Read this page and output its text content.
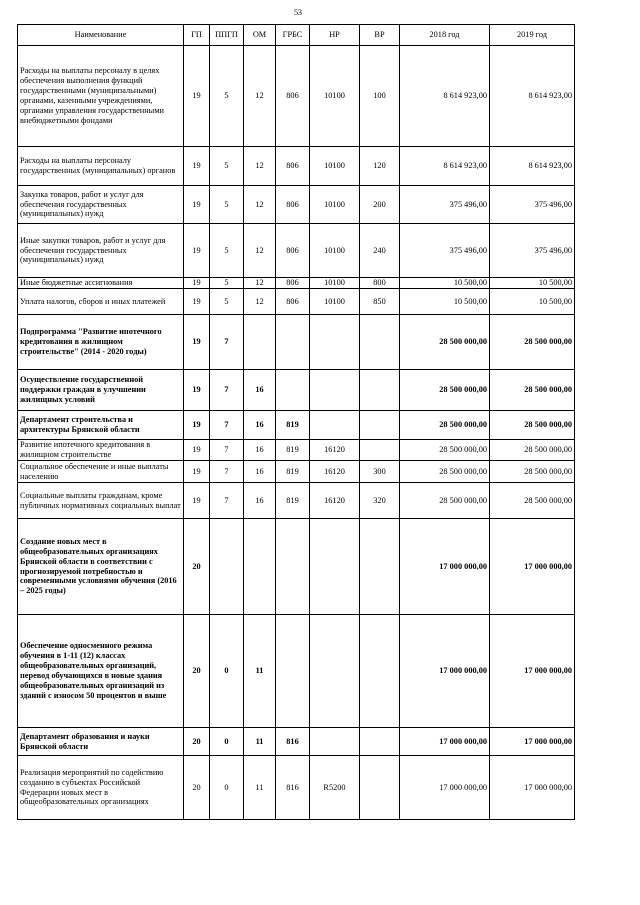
53
Наименование	ГП	ППГП	ОМ	ГРБС	НР	ВР	2018 год	2019 год
Расходы на выплаты персоналу в целях обеспечения выполнения функций государственными (муниципальными) органами, казенными учреждениями, органами управления государственными внебюджетными фондами	19	5	12	806	10100	100	8 614 923,00	8 614 923,00
Расходы на выплаты персоналу государственных (муниципальных) органов	19	5	12	806	10100	120	8 614 923,00	8 614 923,00
Закупка товаров, работ и услуг для обеспечения государственных (муниципальных) нужд	19	5	12	806	10100	200	375 496,00	375 496,00
Иные закупки товаров, работ и услуг для обеспечения государственных (муниципальных) нужд	19	5	12	806	10100	240	375 496,00	375 496,00
Иные бюджетные ассигнования	19	5	12	806	10100	800	10 500,00	10 500,00
Уплата налогов, сборов и иных платежей	19	5	12	806	10100	850	10 500,00	10 500,00
Подпрограмма "Развитие ипотечного кредитования в жилищном строительстве" (2014 - 2020 годы)	19	7					28 500 000,00	28 500 000,00
Осуществление государственной поддержки граждан в улучшении жилищных условий	19	7	16				28 500 000,00	28 500 000,00
Департамент строительства и архитектуры Брянской области	19	7	16	819			28 500 000,00	28 500 000,00
Развитие ипотечного кредитования в жилищном строительстве	19	7	16	819	16120		28 500 000,00	28 500 000,00
Социальное обеспечение и иные выплаты населению	19	7	16	819	16120	300	28 500 000,00	28 500 000,00
Социальные выплаты гражданам, кроме публичных нормативных социальных выплат	19	7	16	819	16120	320	28 500 000,00	28 500 000,00
Создание новых мест в общеобразовательных организациях Брянской области в соответствии с прогнозируемой потребностью и современными условиями обучения (2016 – 2025 годы)	20						17 000 000,00	17 000 000,00
Обеспечение односменного режима обучения в 1-11 (12) классах общеобразовательных организаций, перевод обучающихся в новые здания общеобразовательных организаций из зданий с износом 50 процентов и выше	20	0	11				17 000 000,00	17 000 000,00
Департамент образования и науки Брянской области	20	0	11	816			17 000 000,00	17 000 000,00
Реализация мероприятий по содействию созданию в субъектах Российской Федерации новых мест в общеобразовательных организациях	20	0	11	816	R5200		17 000 000,00	17 000 000,00
